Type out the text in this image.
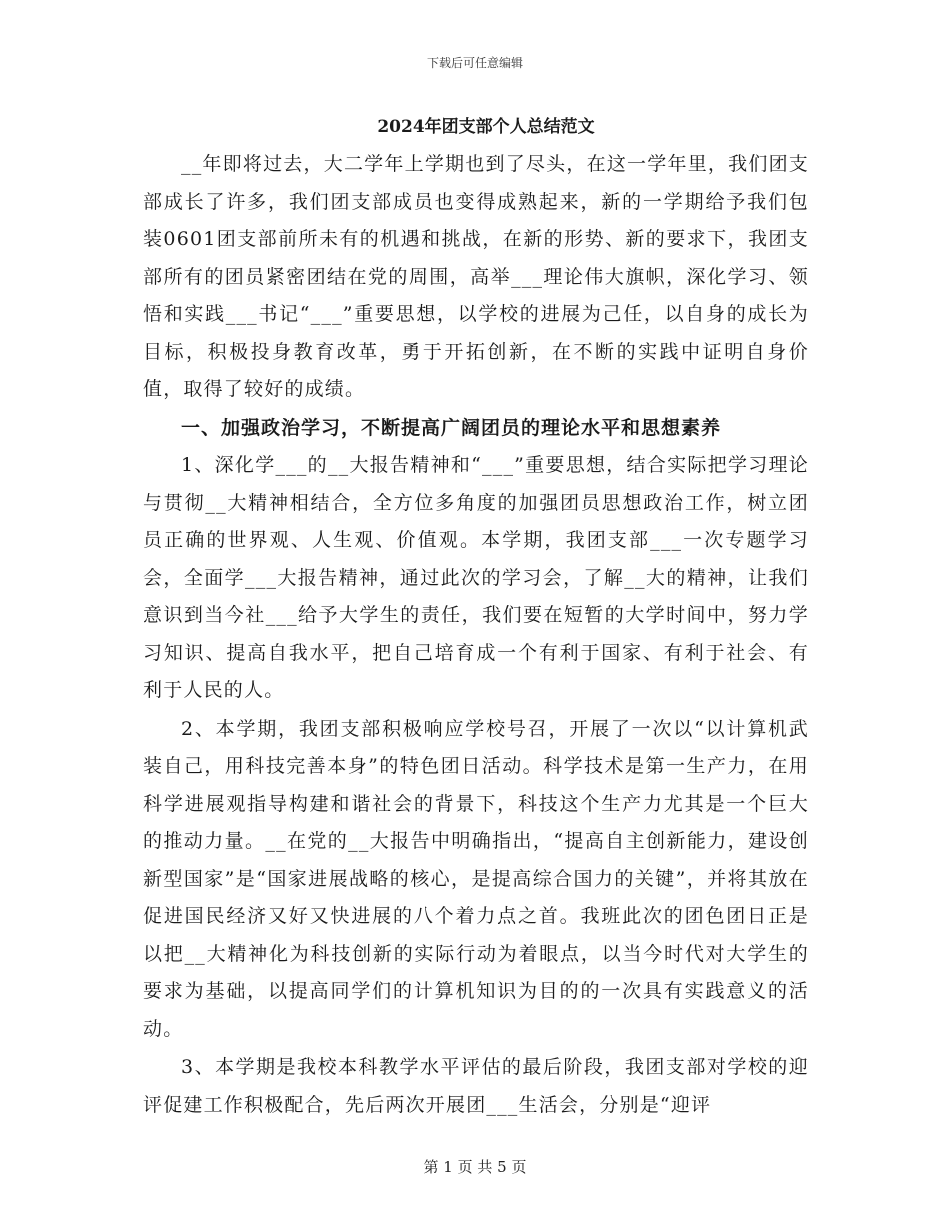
下载后可任意编辑
2024年团支部个人总结范文

__年即将过去，大二学年上学期也到了尽头，在这一学年里，我们团支部成长了许多，我们团支部成员也变得成熟起来，新的一学期给予我们包装0601团支部前所未有的机遇和挑战，在新的形势、新的要求下，我团支部所有的团员紧密团结在党的周围，高举___理论伟大旗帜，深化学习、领悟和实践___书记“___”重要思想，以学校的进展为己任，以自身的成长为目标，积极投身教育改革，勇于开拓创新，在不断的实践中证明自身价值，取得了较好的成绩。

一、加强政治学习，不断提高广阔团员的理论水平和思想素养

1、深化学___的__大报告精神和“___”重要思想，结合实际把学习理论与贯彻__大精神相结合，全方位多角度的加强团员思想政治工作，树立团员正确的世界观、人生观、价值观。本学期，我团支部___一次专题学习会，全面学___大报告精神，通过此次的学习会，了解__大的精神，让我们意识到当今社___给予大学生的责任，我们要在短暂的大学时间中，努力学习知识、提高自我水平，把自己培育成一个有利于国家、有利于社会、有利于人民的人。

2、本学期，我团支部积极响应学校号召，开展了一次以“以计算机武装自己，用科技完善本身”的特色团日活动。科学技术是第一生产力，在用科学进展观指导构建和谐社会的背景下，科技这个生产力尤其是一个巨大的推动力量。__在党的__大报告中明确指出，“提高自主创新能力，建设创新型国家”是“国家进展战略的核心，是提高综合国力的关键”，并将其放在促进国民经济又好又快进展的八个着力点之首。我班此次的团色团日正是以把__大精神化为科技创新的实际行动为着眼点，以当今时代对大学生的要求为基础，以提高同学们的计算机知识为目的的一次具有实践意义的活动。

3、本学期是我校本科教学水平评估的最后阶段，我团支部对学校的迎评促建工作积极配合，先后两次开展团___生活会，分别是“迎评

第 1 页 共 5 页
